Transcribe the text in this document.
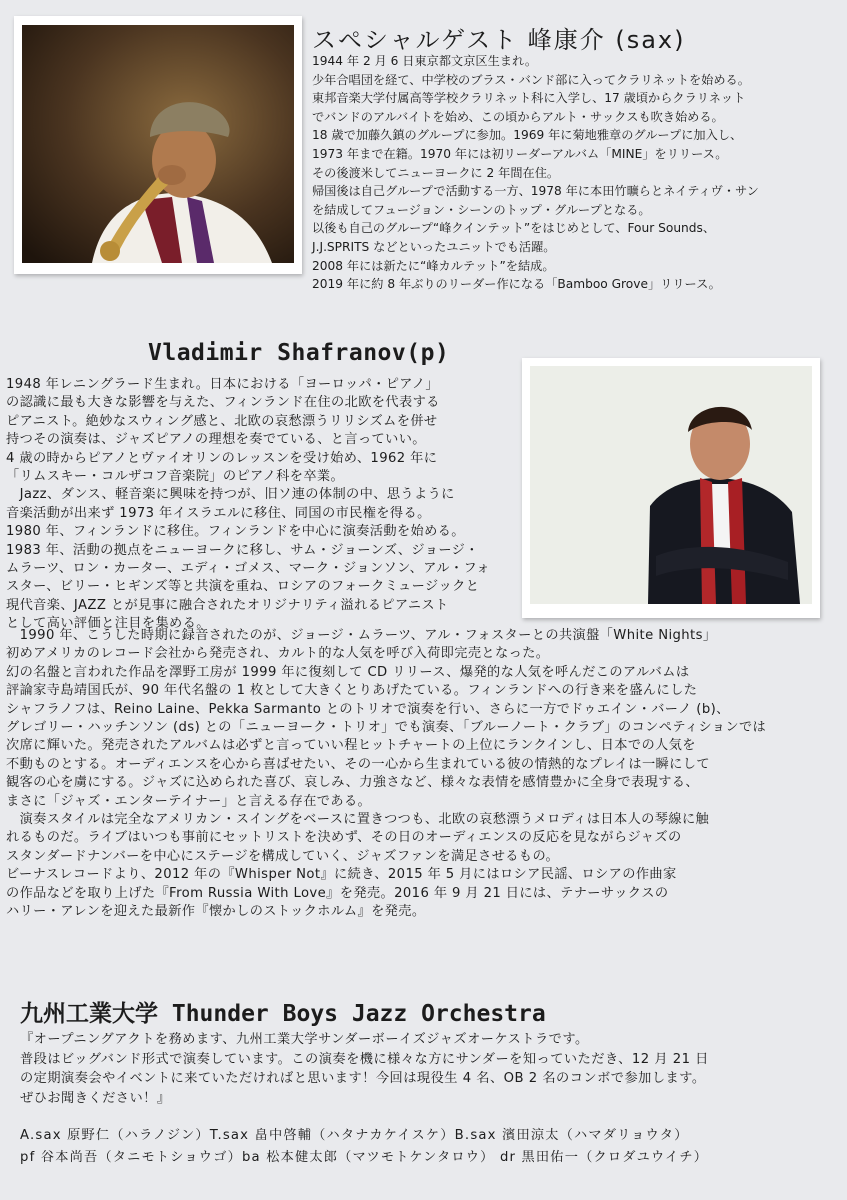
スペシャルゲスト 峰康介 (sax)
1944 年 2 月 6 日東京都文京区生まれ。
少年合唱団を経て、中学校のブラス・バンド部に入ってクラリネットを始める。
東邦音楽大学付属高等学校クラリネット科に入学し、17 歳頃からクラリネット
でバンドのアルバイトを始め、この頃からアルト・サックスも吹き始める。
18 歳で加藤久鎮のグループに参加。1969 年に菊地雅章のグループに加入し、
1973 年まで在籍。1970 年には初リーダーアルバム「MINE」をリリース。
その後渡米してニューヨークに 2 年間在住。
帰国後は自己グループで活動する一方、1978 年に本田竹曠らとネイティヴ・サン
を結成してフュージョン・シーンのトップ・グループとなる。
以後も自己のグループ“峰クインテット”をはじめとして、Four Sounds、
J.J.SPRITS などといったユニットでも活躍。
2008 年には新たに“峰カルテット”を結成。
2019 年に約 8 年ぶりのリーダー作になる「Bamboo Grove」リリース。
Vladimir Shafranov(p)
1948 年レニングラード生まれ。日本における「ヨーロッパ・ピアノ」
の認識に最も大きな影響を与えた、フィンランド在住の北欧を代表する
ピアニスト。絶妙なスウィング感と、北欧の哀愁漂うリリシズムを併せ
持つその演奏は、ジャズピアノの理想を奏でている、と言っていい。
4 歳の時からピアノとヴァイオリンのレッスンを受け始め、1962 年に
「リムスキー・コルザコフ音楽院」のピアノ科を卒業。
　Jazz、ダンス、軽音楽に興味を持つが、旧ソ連の体制の中、思うように
音楽活動が出来ず 1973 年イスラエルに移住、同国の市民権を得る。
1980 年、フィンランドに移住。フィンランドを中心に演奏活動を始める。
1983 年、活動の拠点をニューヨークに移し、サム・ジョーンズ、ジョージ・
ムラーツ、ロン・カーター、エディ・ゴメス、マーク・ジョンソン、アル・フォ
スター、ビリー・ヒギンズ等と共演を重ね、ロシアのフォークミュージックと
現代音楽、JAZZ とが見事に融合されたオリジナリティ溢れるピアニスト
として高い評価と注目を集める。
　1990 年、こうした時期に録音されたのが、ジョージ・ムラーツ、アル・フォスターとの共演盤「White Nights」
初めアメリカのレコード会社から発売され、カルト的な人気を呼び入荷即完売となった。
幻の名盤と言われた作品を澤野工房が 1999 年に復刻して CD リリース、爆発的な人気を呼んだこのアルバムは
評論家寺島靖国氏が、90 年代名盤の 1 枚として大きくとりあげたている。フィンランドへの行き来を盛んにした
シャフラノフは、Reino Laine、Pekka Sarmanto とのトリオで演奏を行い、さらに一方でドゥエイン・バーノ (b)、
グレゴリー・ハッチンソン (ds) との「ニューヨーク・トリオ」でも演奏、「ブルーノート・クラブ」のコンペティションでは
次席に輝いた。発売されたアルバムは必ずと言っていい程ヒットチャートの上位にランクインし、日本での人気を
不動ものとする。オーディエンスを心から喜ばせたい、その一心から生まれている彼の情熱的なプレイは一瞬にして
観客の心を虜にする。ジャズに込められた喜び、哀しみ、力強さなど、様々な表情を感情豊かに全身で表現する、
まさに「ジャズ・エンターテイナー」と言える存在である。
　演奏スタイルは完全なアメリカン・スイングをベースに置きつつも、北欧の哀愁漂うメロディは日本人の琴線に触
れるものだ。ライブはいつも事前にセットリストを決めず、その日のオーディエンスの反応を見ながらジャズの
スタンダードナンバーを中心にステージを構成していく、ジャズファンを満足させるもの。
ビーナスレコードより、2012 年の『Whisper Not』に続き、2015 年 5 月にはロシア民謡、ロシアの作曲家
の作品などを取り上げた『From Russia With Love』を発売。2016 年 9 月 21 日には、テナーサックスの
ハリー・アレンを迎えた最新作『懐かしのストックホルム』を発売。
九州工業大学 Thunder Boys Jazz Orchestra
『オープニングアクトを務めます、九州工業大学サンダーボーイズジャズオーケストラです。
普段はビッグバンド形式で演奏しています。この演奏を機に様々な方にサンダーを知っていただき、12 月 21 日
の定期演奏会やイベントに来ていただければと思います！今回は現役生 4 名、OB 2 名のコンボで参加します。
ぜひお聞きください！』
A.sax 原野仁（ハラノジン）T.sax 畠中啓輔（ハタナカケイスケ）B.sax 濱田涼太（ハマダリョウタ）
pf 谷本尚吾（タニモトショウゴ）ba 松本健太郎（マツモトケンタロウ） dr 黒田佑一（クロダユウイチ）
